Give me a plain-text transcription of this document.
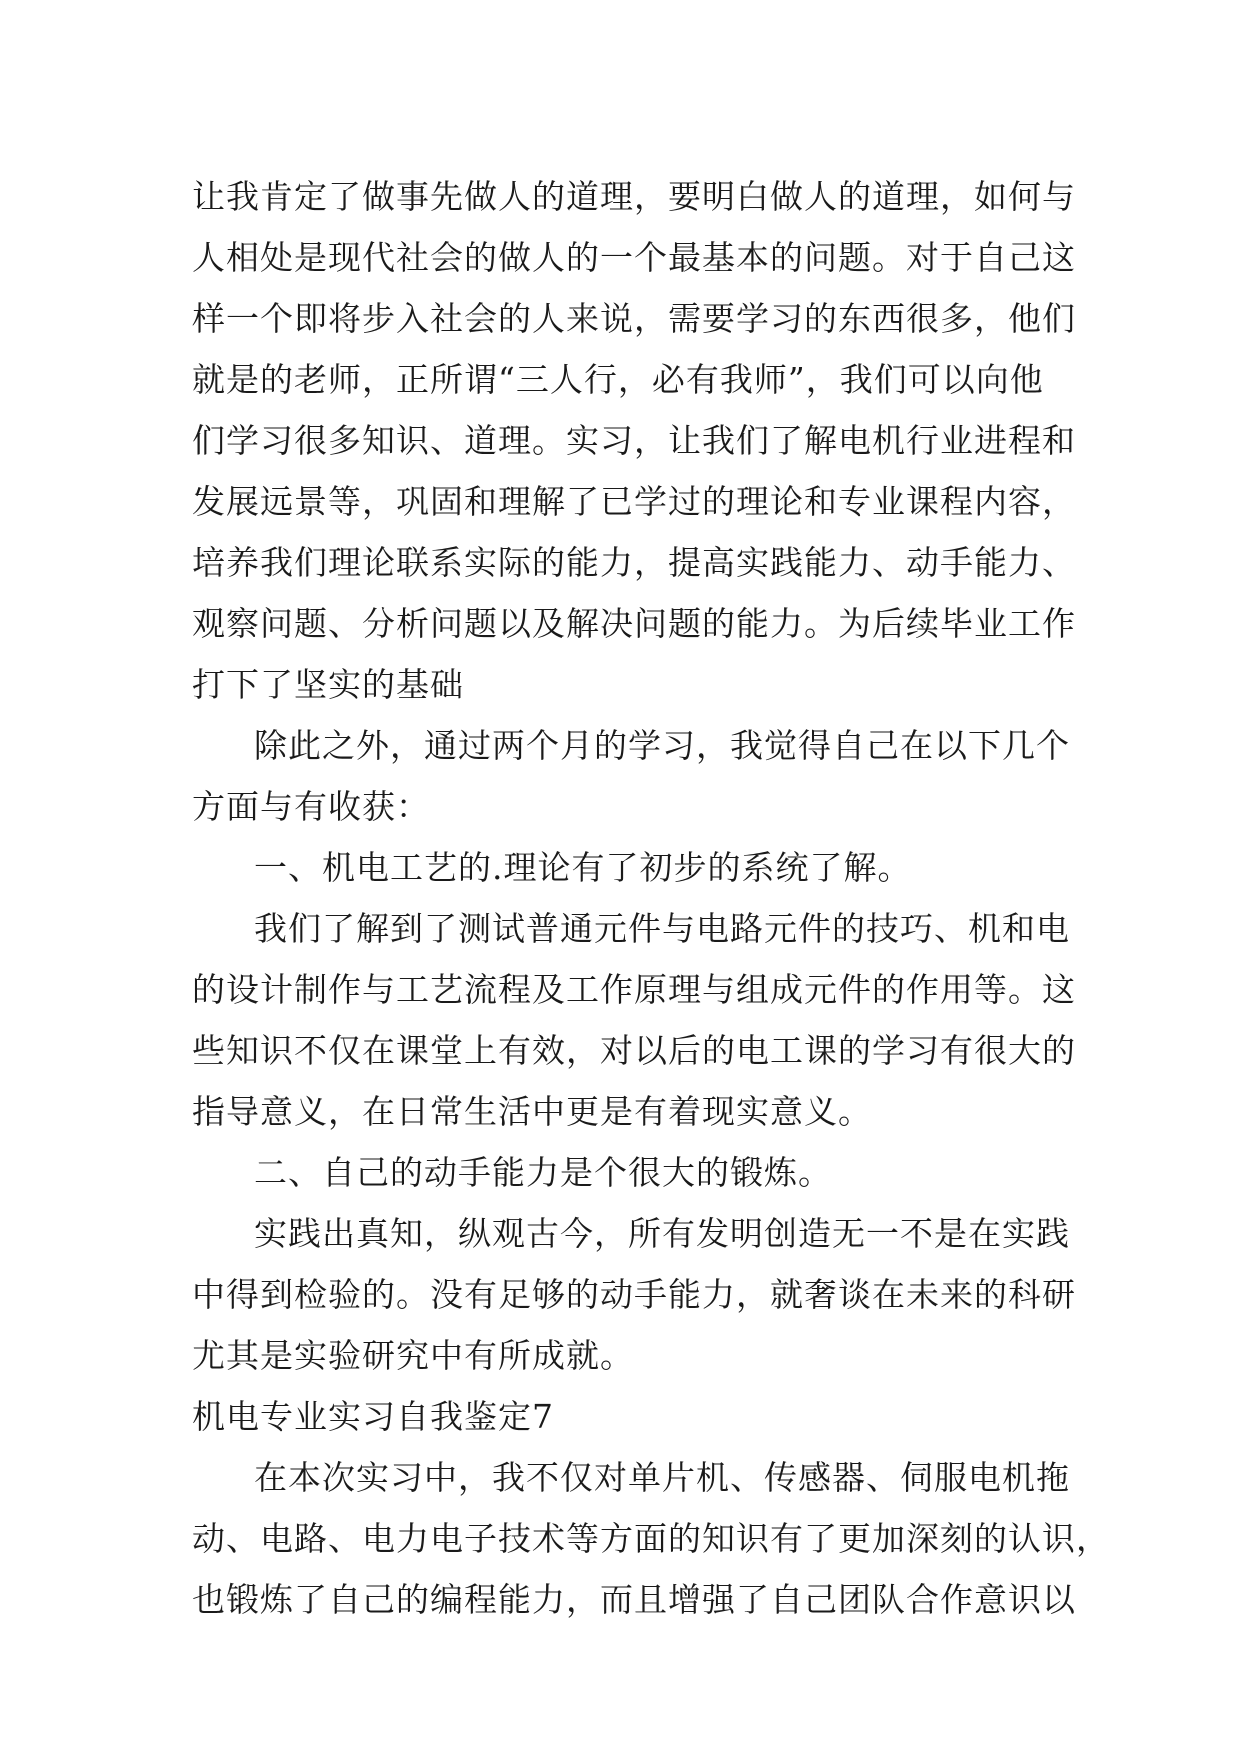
让我肯定了做事先做人的道理，要明白做人的道理，如何与

人相处是现代社会的做人的一个最基本的问题。对于自己这

样一个即将步入社会的人来说，需要学习的东西很多，他们

就是的老师，正所谓“三人行，必有我师”，我们可以向他

们学习很多知识、道理。实习，让我们了解电机行业进程和

发展远景等，巩固和理解了已学过的理论和专业课程内容，

培养我们理论联系实际的能力，提高实践能力、动手能力、

观察问题、分析问题以及解决问题的能力。为后续毕业工作

打下了坚实的基础

除此之外，通过两个月的学习，我觉得自己在以下几个

方面与有收获：

一、机电工艺的.理论有了初步的系统了解。

我们了解到了测试普通元件与电路元件的技巧、机和电

的设计制作与工艺流程及工作原理与组成元件的作用等。这

些知识不仅在课堂上有效，对以后的电工课的学习有很大的

指导意义，在日常生活中更是有着现实意义。

二、自己的动手能力是个很大的锻炼。

实践出真知，纵观古今，所有发明创造无一不是在实践

中得到检验的。没有足够的动手能力，就奢谈在未来的科研

尤其是实验研究中有所成就。

机电专业实习自我鉴定7

在本次实习中，我不仅对单片机、传感器、伺服电机拖

动、电路、电力电子技术等方面的知识有了更加深刻的认识，

也锻炼了自己的编程能力，而且增强了自己团队合作意识以
